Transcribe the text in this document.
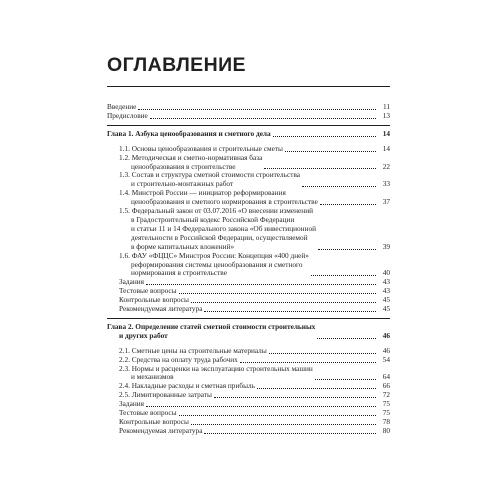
ОГЛАВЛЕНИЕ
Введение	11
Предисловие	13
Глава 1. Азбука ценообразования и сметного дела	14
1.1. Основы ценообразования и строительные сметы	14
1.2. Методическая и сметно-нормативная база
ценообразования в строительстве	22
1.3. Состав и структура сметной стоимости строительства
и строительно-монтажных работ	33
1.4. Минстрой России — инициатор реформирования
ценообразования и сметного нормирования в строительстве	37
1.5. Федеральный закон от 03.07.2016 «О внесении изменений
в Градостроительный кодекс Российской Федерации
и статьи 11 и 14 Федерального закона «Об инвестиционной
деятельности в Российской Федерации, осуществляемой
в форме капитальных вложений»	39
1.6. ФАУ «ФЦЦС» Минстроя России: Концепция «400 дней»
реформирования системы ценообразования и сметного
нормирования в строительстве	40
Задания	43
Тестовые вопросы	43
Контрольные вопросы	45
Рекомендуемая литература	45
Глава 2. Определение статей сметной стоимости строительных
и других работ	46
2.1. Сметные цены на строительные материалы	46
2.2. Средства на оплату труда рабочих	54
2.3. Нормы и расценки на эксплуатацию строительных машин
и механизмов	64
2.4. Накладные расходы и сметная прибыль	66
2.5. Лимитированные затраты	72
Задания	75
Тестовые вопросы	75
Контрольные вопросы	78
Рекомендуемая литература	80
